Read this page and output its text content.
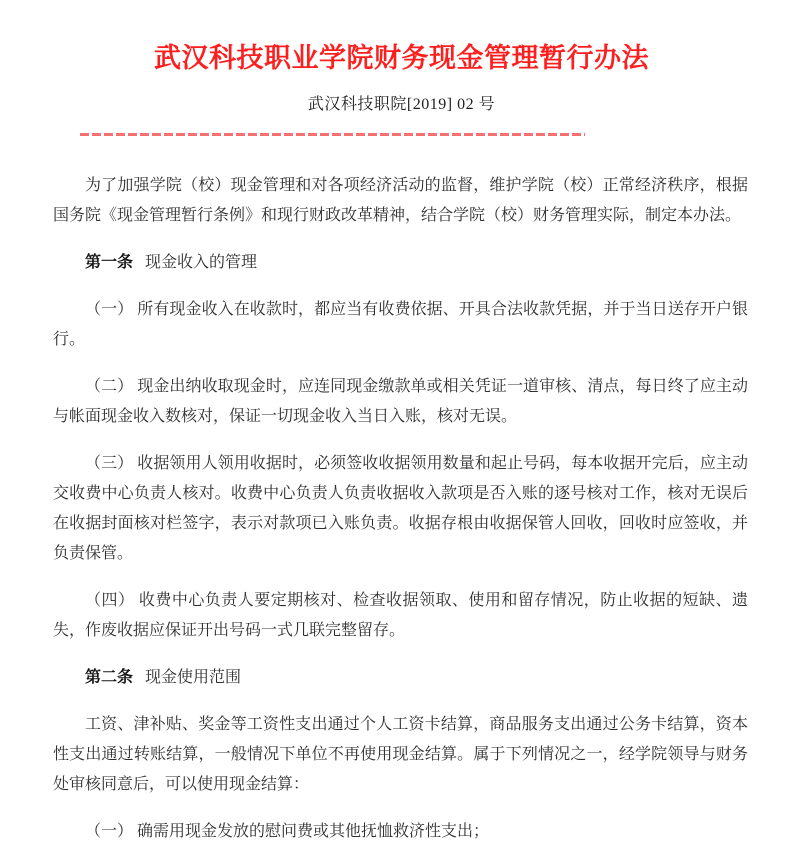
武汉科技职业学院财务现金管理暂行办法
武汉科技职院[2019] 02 号

为了加强学院（校）现金管理和对各项经济活动的监督，维护学院（校）正常经济秩序，根据国务院《现金管理暂行条例》和现行财政改革精神，结合学院（校）财务管理实际，制定本办法。

第一条 现金收入的管理

（一） 所有现金收入在收款时，都应当有收费依据、开具合法收款凭据，并于当日送存开户银行。

（二） 现金出纳收取现金时，应连同现金缴款单或相关凭证一道审核、清点，每日终了应主动与帐面现金收入数核对，保证一切现金收入当日入账，核对无误。

（三） 收据领用人领用收据时，必须签收收据领用数量和起止号码，每本收据开完后，应主动交收费中心负责人核对。收费中心负责人负责收据收入款项是否入账的逐号核对工作，核对无误后在收据封面核对栏签字，表示对款项已入账负责。收据存根由收据保管人回收，回收时应签收，并负责保管。

（四） 收费中心负责人要定期核对、检查收据领取、使用和留存情况，防止收据的短缺、遗失，作废收据应保证开出号码一式几联完整留存。

第二条 现金使用范围

工资、津补贴、奖金等工资性支出通过个人工资卡结算，商品服务支出通过公务卡结算，资本性支出通过转账结算，一般情况下单位不再使用现金结算。属于下列情况之一，经学院领导与财务处审核同意后，可以使用现金结算：

（一） 确需用现金发放的慰问费或其他抚恤救济性支出；
